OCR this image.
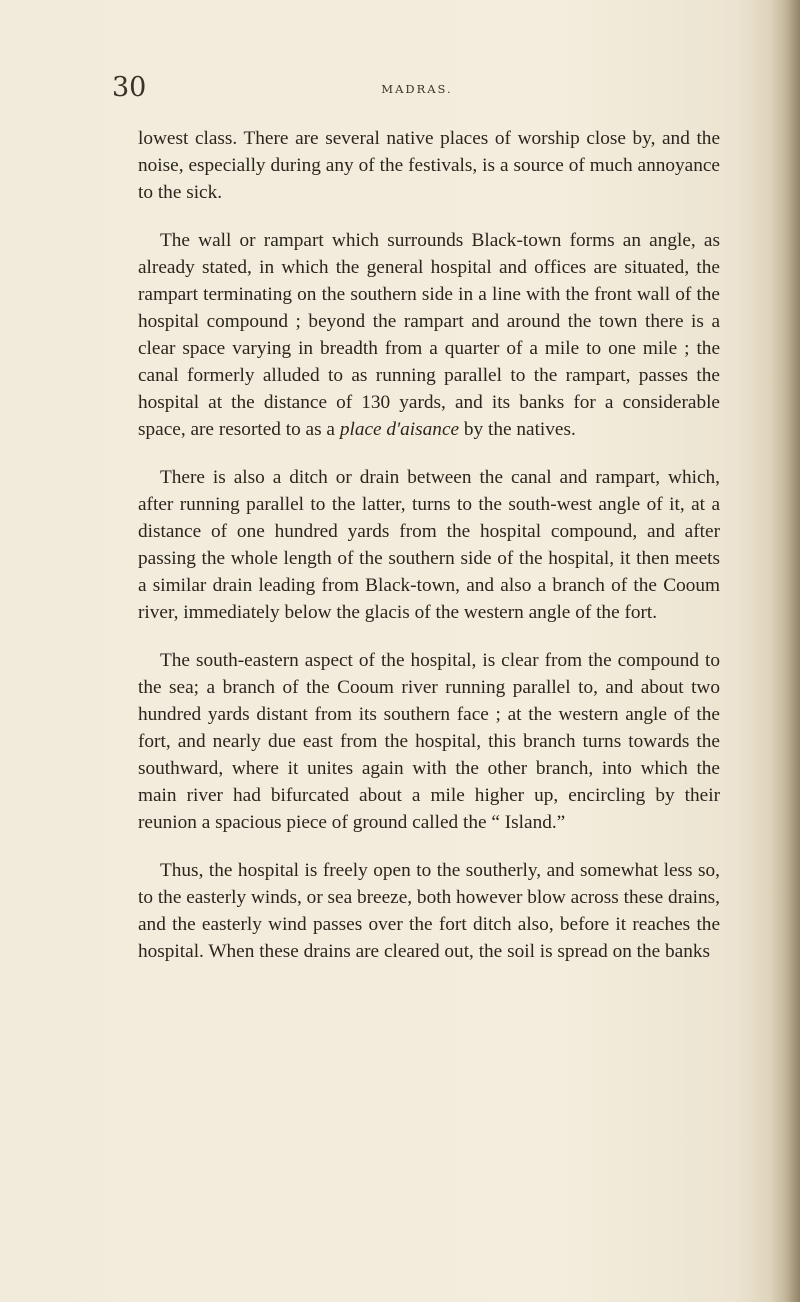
30	MADRAS.

lowest class. There are several native places of worship close by, and the noise, especially during any of the festivals, is a source of much annoyance to the sick.

The wall or rampart which surrounds Black-town forms an angle, as already stated, in which the general hospital and offices are situated, the rampart terminating on the southern side in a line with the front wall of the hospital compound ; beyond the rampart and around the town there is a clear space varying in breadth from a quarter of a mile to one mile ; the canal formerly alluded to as running parallel to the rampart, passes the hospital at the distance of 130 yards, and its banks for a considerable space, are resorted to as a place d'aisance by the natives.

There is also a ditch or drain between the canal and rampart, which, after running parallel to the latter, turns to the south-west angle of it, at a distance of one hundred yards from the hospital compound, and after passing the whole length of the southern side of the hospital, it then meets a similar drain leading from Black-town, and also a branch of the Cooum river, immediately below the glacis of the western angle of the fort.

The south-eastern aspect of the hospital, is clear from the compound to the sea; a branch of the Cooum river running parallel to, and about two hundred yards distant from its southern face ; at the western angle of the fort, and nearly due east from the hospital, this branch turns towards the southward, where it unites again with the other branch, into which the main river had bifurcated about a mile higher up, encircling by their reunion a spacious piece of ground called the “ Island.”

Thus, the hospital is freely open to the southerly, and somewhat less so, to the easterly winds, or sea breeze, both however blow across these drains, and the easterly wind passes over the fort ditch also, before it reaches the hospital. When these drains are cleared out, the soil is spread on the banks
